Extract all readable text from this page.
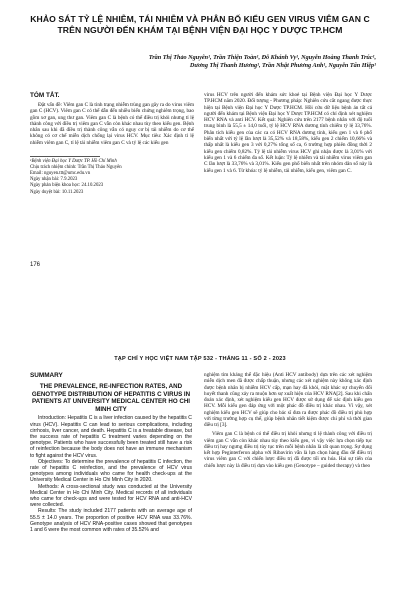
KHẢO SÁT TỶ LỆ NHIỄM, TÁI NHIỄM VÀ PHÂN BỐ KIỂU GEN VIRUS VIÊM GAN C TRÊN NGƯỜI ĐẾN KHÁM TẠI BỆNH VIỆN ĐẠI HỌC Y DƯỢC TP.HCM
Trần Thị Thảo Nguyên¹, Trần Thiện Toàn¹, Đỗ Khánh Vy¹, Nguyễn Hoàng Thanh Trúc¹, Dương Thị Thanh Hương¹, Trần Nhật Phương Anh¹, Nguyễn Tấn Hiệp¹
TÓM TẮT.
Đặt vấn đề: Viêm gan C là tình trạng nhiễm trùng gan gây ra do virus viêm gan C (HCV). Viêm gan C có thể dẫn đến nhiều biến chứng nghiêm trọng, bao gồm xơ gan, ung thư gan. Viêm gan C là bệnh có thể điều trị khỏi nhưng tỉ lệ thành công với điều trị viêm gan C vẫn còn khác nhau tùy theo kiểu gen. Bệnh nhân sau khi đã điều trị thành công vẫn có nguy cơ bị tái nhiễm do cơ thể không có cơ chế miễn dịch chống lại virus HCV. Mục tiêu: Xác định tỉ lệ nhiễm viêm gan C, tỉ lệ tái nhiễm viêm gan C và tỷ lệ các kiểu gen
¹Bệnh viện Đại học Y Dược TP. Hồ Chí Minh
Chịu trách nhiệm chính: Trần Thị Thảo Nguyên
Email: nguyen.ttt@umc.edu.vn
Ngày nhận bài: 7.9.2023
Ngày phản biện khoa học: 24.10.2023
Ngày duyệt bài: 10.11.2023
virus HCV trên người đến khám sức khoẻ tại Bệnh viện Đại học Y Dược TP.HCM năm 2020. Đối tượng - Phương pháp: Nghiên cứu cắt ngang được thực hiện tại Bệnh viện Đại học Y Dược TP.HCM. Hồi cứu dữ liệu bệnh án tất cả người đến khám tại Bệnh viện Đại học Y Dược TP.HCM có chỉ định xét nghiệm HCV RNA và anti HCV. Kết quả: Nghiên cứu trên 2177 bệnh nhân với độ tuổi trung bình là 55,5 ± 14,0 tuổi, tỷ lệ HCV RNA dương tính chiếm tỷ lệ 33,76%. Phân tích kiểu gen của các ca có HCV RNA dương tính, kiểu gen 1 và 6 phổ biến nhất với tỷ lệ lần lượt là 35,52% và 18,58%, kiểu gen 2 chiếm 10,66% và thấp nhất là kiểu gen 3 với 0,27% tổng số ca, 6 trường hợp phiên đồng thời 2 kiểu gen chiếm 0,82%. Tỷ lệ tái nhiễm virus HCV ghi nhận được là 3,01% với kiểu gen 1 và 6 chiếm đa số. Kết luận: Tỷ lệ nhiễm và tái nhiễm virus viêm gan C lần lượt là 33,76% và 3,01%. Kiểu gen phổ biến nhất trên nhóm dân số này là kiểu gen 1 và 6. Từ khóa: tỷ lệ nhiễm, tái nhiễm, kiểu gen, viêm gan C.
176
TẠP CHÍ Y HỌC VIỆT NAM TẬP 532 - THÁNG 11 - SỐ 2 - 2023
SUMMARY
THE PREVALENCE, RE-INFECTION RATES, AND GENOTYPE DISTRIBUTION OF HEPATITIS C VIRUS IN PATIENTS AT UNIVERSITY MEDICAL CENTER HO CHI MINH CITY
Introduction: Hepatitis C is a liver infection caused by the hepatitis C virus (HCV). Hepatitis C can lead to serious complications, including cirrhosis, liver cancer, and death. Hepatitis C is a treatable disease, but the success rate of hepatitis C treatment varies depending on the genotype. Patients who have successfully been treated still have a risk of reinfection because the body does not have an immune mechanism to fight against the HCV virus.
Objectives: To determine the prevalence of hepatitis C infection, the rate of hepatitis C reinfection, and the prevalence of HCV virus genotypes among individuals who came for health check-ups at the University Medical Center in Ho Chi Minh City in 2020.
Methods: A cross-sectional study was conducted at the University Medical Center in Ho Chi Minh City. Medical records of all individuals who came for check-ups and were tested for HCV RNA and anti-HCV were collected.
Results: The study included 2177 patients with an average age of 55.5 ± 14.0 years. The proportion of positive HCV RNA was 33.76%. Genotype analysis of HCV RNA-positive cases showed that genotypes 1 and 6 were the most common with rates of 35.52% and
nghiệm tìm kháng thể đặc hiệu (Anti HCV antibody) dựa trên các xét nghiệm miễn dịch men đã được chấp thuận, nhưng các xét nghiệm này không xác định được bệnh nhân bị nhiễm HCV cấp, mạn hay đã khỏi, mặt khác sự chuyển đổi huyết thanh cũng xảy ra muộn hơn sự xuất hiện của HCV RNA[2]. Sau khi chẩn đoán xác định, xét nghiệm kiểu gen HCV được sử dụng để xác định kiểu gen HCV. Mỗi kiểu gen đáp ứng với một phác đồ điều trị khác nhau. Vì vậy, xét nghiệm kiểu gen HCV sẽ giúp cho bác sĩ đưa ra được phác đồ điều trị phù hợp với từng trường hợp cụ thể, giúp bệnh nhân tiết kiệm được chi phí và thời gian điều trị [3].
Viêm gan C là bệnh có thể điều trị khỏi nhưng tỉ lệ thành công với điều trị viêm gan C vẫn còn khác nhau tùy theo kiểu gen, vì vậy việc lựa chọn tiếp tục điều trị hay ngưng điều trị tùy tục trên mỗi bệnh nhân là rất quan trọng. Sự dụng kết hợp Peginterferon alpha với Ribavirin vẫn là lựa chọn hàng đầu để điều trị virus viêm gan C với chiến lược điều trị đã được tối ưu hóa. Hai sự tiến của chiến lược này là điều trị dựa vào kiểu gen (Genotype – guided therapy) và theo
